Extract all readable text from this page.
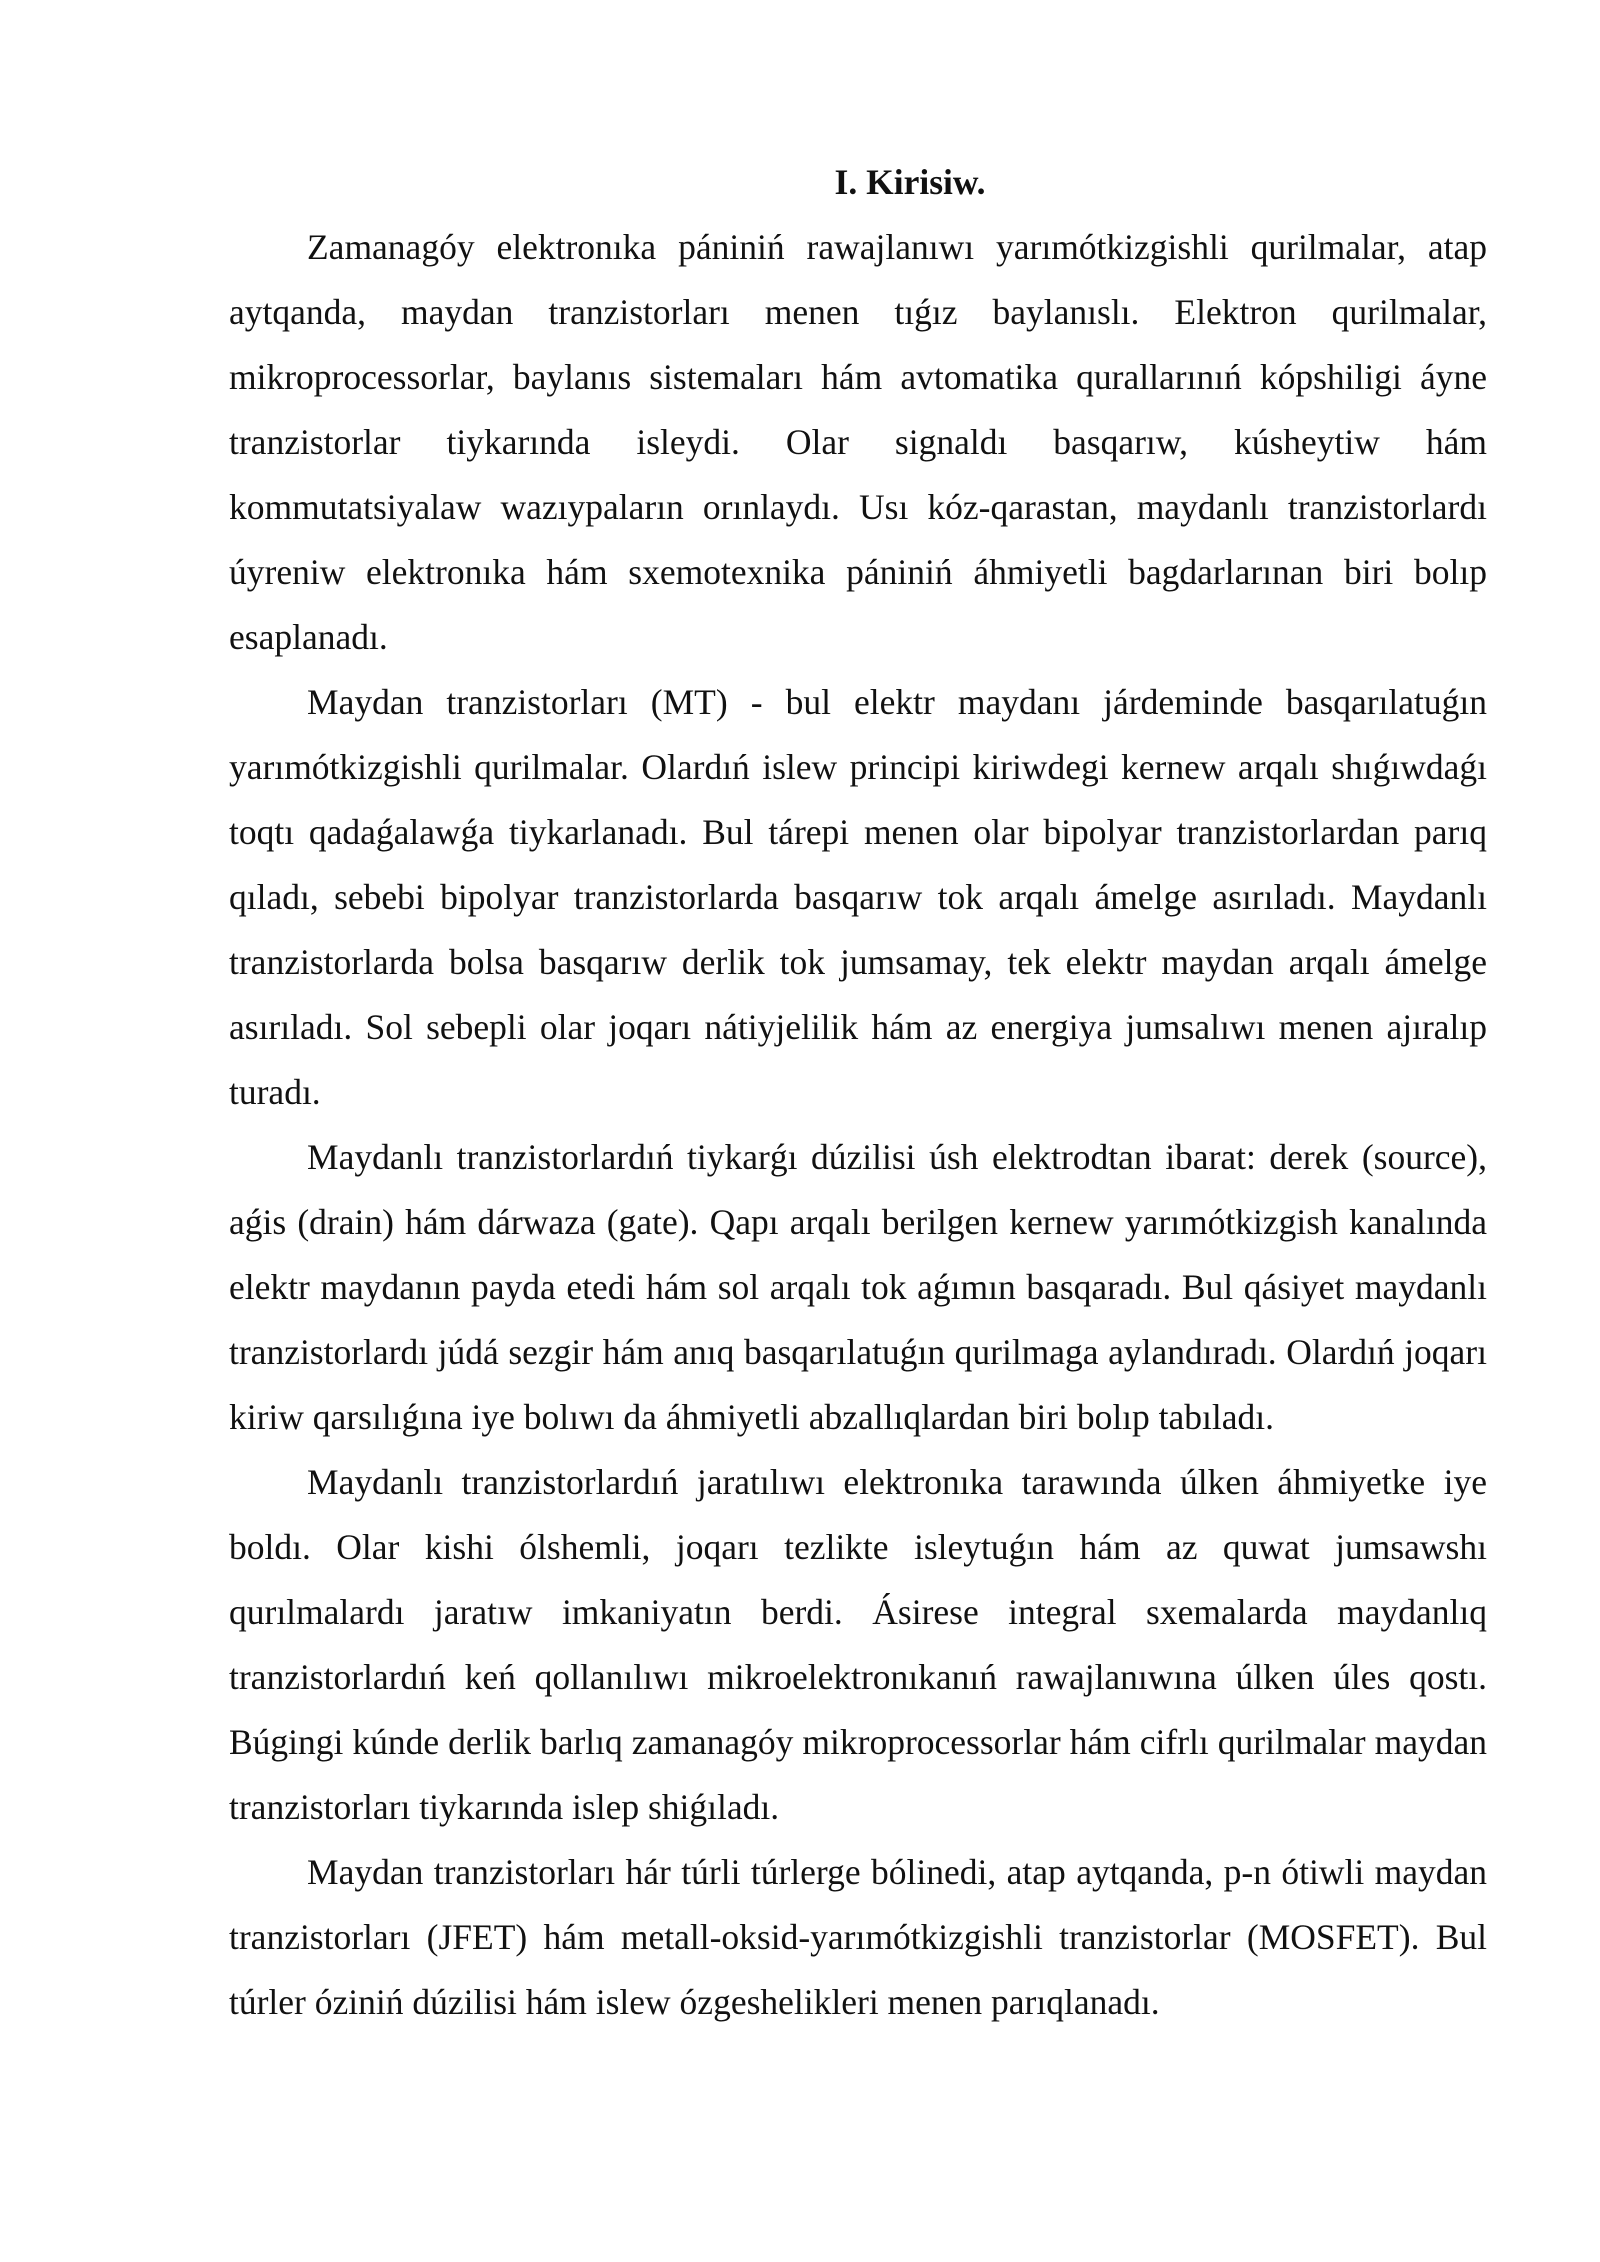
I. Kirisiw.

Zamanagóy elektronıka pániniń rawajlanıwı yarımótkizgishli qurilmalar, atap aytqanda, maydan tranzistorları menen tıǵız baylanıslı. Elektron qurilmalar, mikroprocessorlar, baylanıs sistemaları hám avtomatika qurallarınıń kópshiligi áyne tranzistorlar tiykarında isleydi. Olar signaldı basqarıw, kúsheytiw hám kommutatsiyalaw wazıypaların orınlaydı. Usı kóz-qarastan, maydanlı tranzistorlardı úyreniw elektronıka hám sxemotexnika pániniń áhmiyetli bagdarlarınan biri bolıp esaplanadı.

Maydan tranzistorları (MT) - bul elektr maydanı járdeminde basqarılatuǵın yarımótkizgishli qurilmalar. Olardıń islew principi kiriwdegi kernew arqalı shıǵıwdaǵı toqtı qadaǵalawǵa tiykarlanadı. Bul tárepi menen olar bipolyar tranzistorlardan parıq qıladı, sebebi bipolyar tranzistorlarda basqarıw tok arqalı ámelge asırıladı. Maydanlı tranzistorlarda bolsa basqarıw derlik tok jumsamay, tek elektr maydan arqalı ámelge asırıladı. Sol sebepli olar joqarı nátiyjelilik hám az energiya jumsalıwı menen ajıralıp turadı.

Maydanlı tranzistorlardıń tiykarǵı dúzilisi úsh elektrodtan ibarat: derek (source), aǵis (drain) hám dárwaza (gate). Qapı arqalı berilgen kernew yarımótkizgish kanalında elektr maydanın payda etedi hám sol arqalı tok aǵımın basqaradı. Bul qásiyet maydanlı tranzistorlardı júdá sezgir hám anıq basqarılatuǵın qurilmaga aylandıradı. Olardıń joqarı kiriw qarsılıǵına iye bolıwı da áhmiyetli abzallıqlardan biri bolıp tabıladı.

Maydanlı tranzistorlardıń jaratılıwı elektronıka tarawında úlken áhmiyetke iye boldı. Olar kishi ólshemli, joqarı tezlikte isleytuǵın hám az quwat jumsawshı qurılmalardı jaratıw imkaniyatın berdi. Ásirese integral sxemalarda maydanlıq tranzistorlardıń keń qollanılıwı mikroelektronıkanıń rawajlanıwına úlken úles qostı. Búgingi kúnde derlik barlıq zamanagóy mikroprocessorlar hám cifrlı qurilmalar maydan tranzistorları tiykarında islep shiǵıladı.

Maydan tranzistorları hár túrli túrlerge bólinedi, atap aytqanda, p-n ótiwli maydan tranzistorları (JFET) hám metall-oksid-yarımótkizgishli tranzistorlar (MOSFET). Bul túrler óziniń dúzilisi hám islew ózgeshelikleri menen parıqlanadı.
